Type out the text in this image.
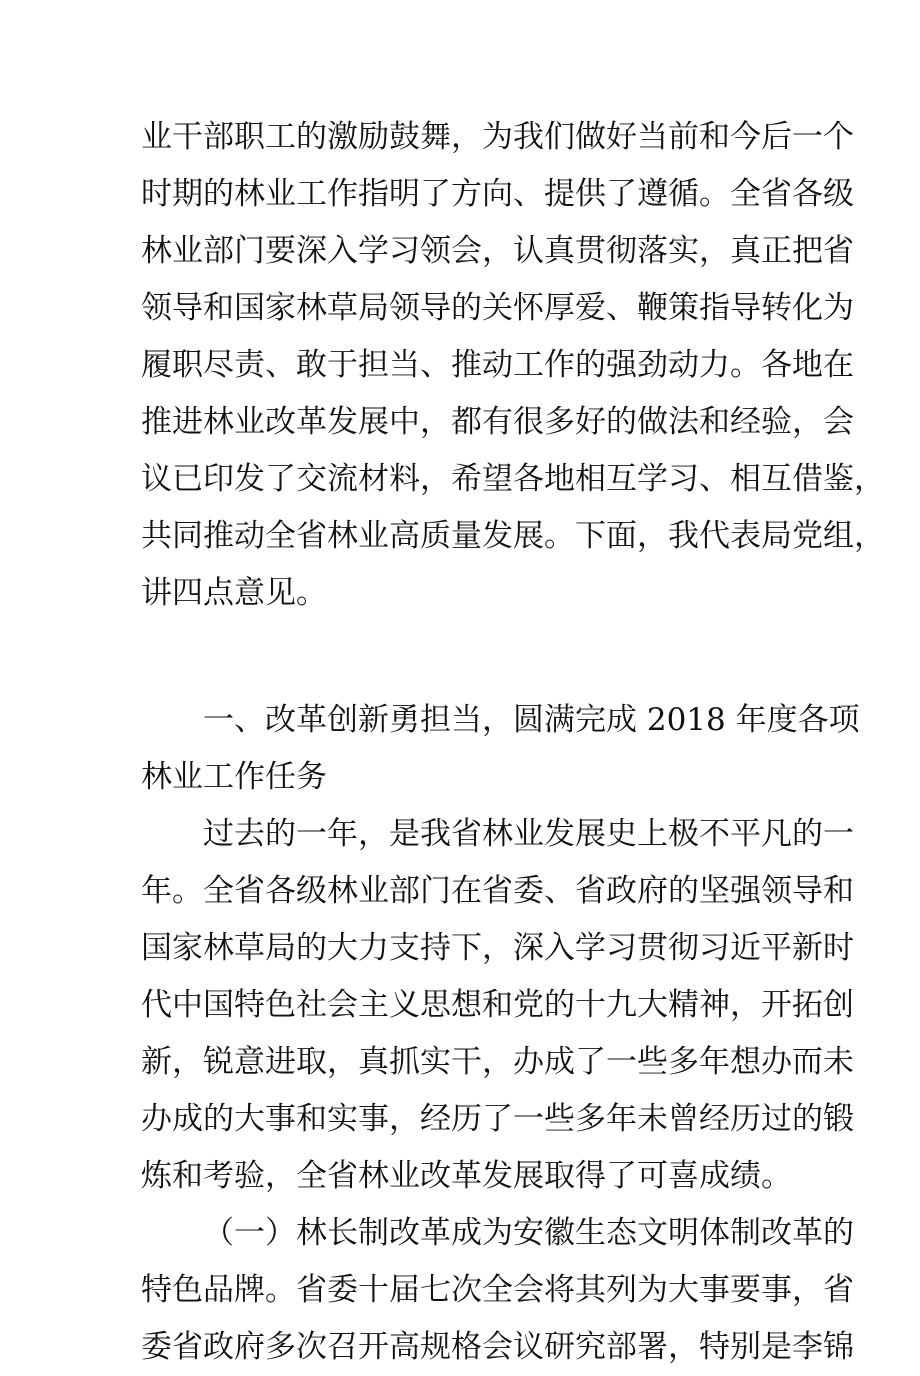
业干部职工的激励鼓舞，为我们做好当前和今后一个
时期的林业工作指明了方向、提供了遵循。全省各级
林业部门要深入学习领会，认真贯彻落实，真正把省
领导和国家林草局领导的关怀厚爱、鞭策指导转化为
履职尽责、敢于担当、推动工作的强劲动力。各地在
推进林业改革发展中，都有很多好的做法和经验，会
议已印发了交流材料，希望各地相互学习、相互借鉴，
共同推动全省林业高质量发展。下面，我代表局党组，
讲四点意见。
一、改革创新勇担当，圆满完成 2018 年度各项
林业工作任务
过去的一年，是我省林业发展史上极不平凡的一
年。全省各级林业部门在省委、省政府的坚强领导和
国家林草局的大力支持下，深入学习贯彻习近平新时
代中国特色社会主义思想和党的十九大精神，开拓创
新，锐意进取，真抓实干，办成了一些多年想办而未
办成的大事和实事，经历了一些多年未曾经历过的锻
炼和考验，全省林业改革发展取得了可喜成绩。
（一）林长制改革成为安徽生态文明体制改革的
特色品牌。省委十届七次全会将其列为大事要事，省
委省政府多次召开高规格会议研究部署，特别是李锦
